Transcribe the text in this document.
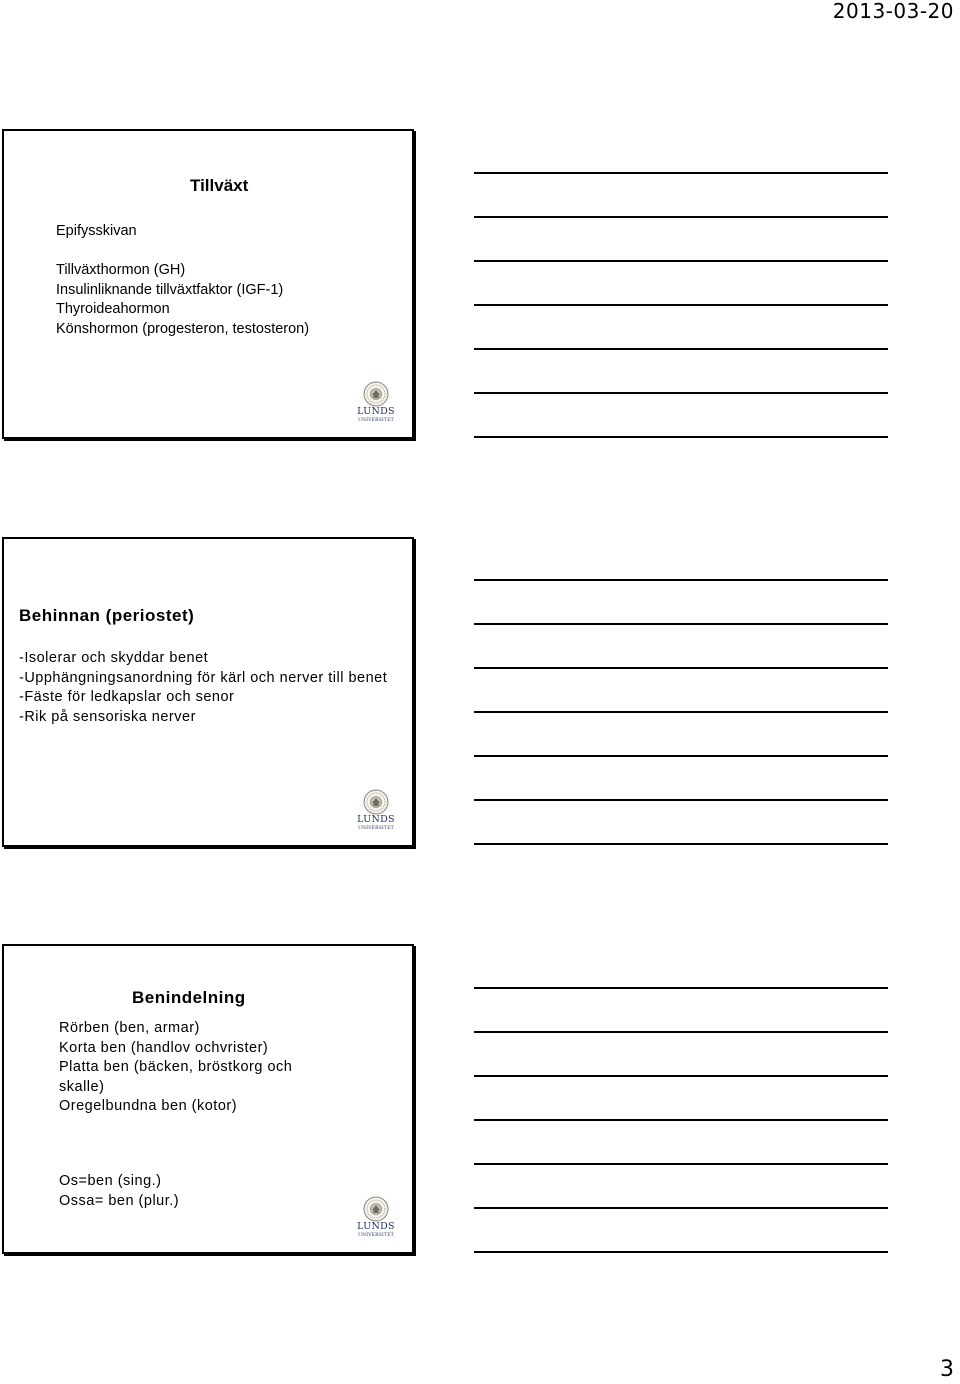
2013-03-20
Tillväxt
Epifysskivan
Tillväxthormon (GH)
Insulinliknande tillväxtfaktor (IGF-1)
Thyroideahormon
Könshormon (progesteron, testosteron)
LUNDS
UNIVERSITET
Behinnan (periostet)
-Isolerar och skyddar benet
-Upphängningsanordning för kärl och nerver till benet
-Fäste för ledkapslar och senor
-Rik på sensoriska nerver
LUNDS
UNIVERSITET
Benindelning
Rörben (ben, armar)
Korta ben (handlov ochvrister)
Platta ben (bäcken, bröstkorg och
skalle)
Oregelbundna ben (kotor)
Os=ben (sing.)
Ossa= ben (plur.)
LUNDS
UNIVERSITET
3
